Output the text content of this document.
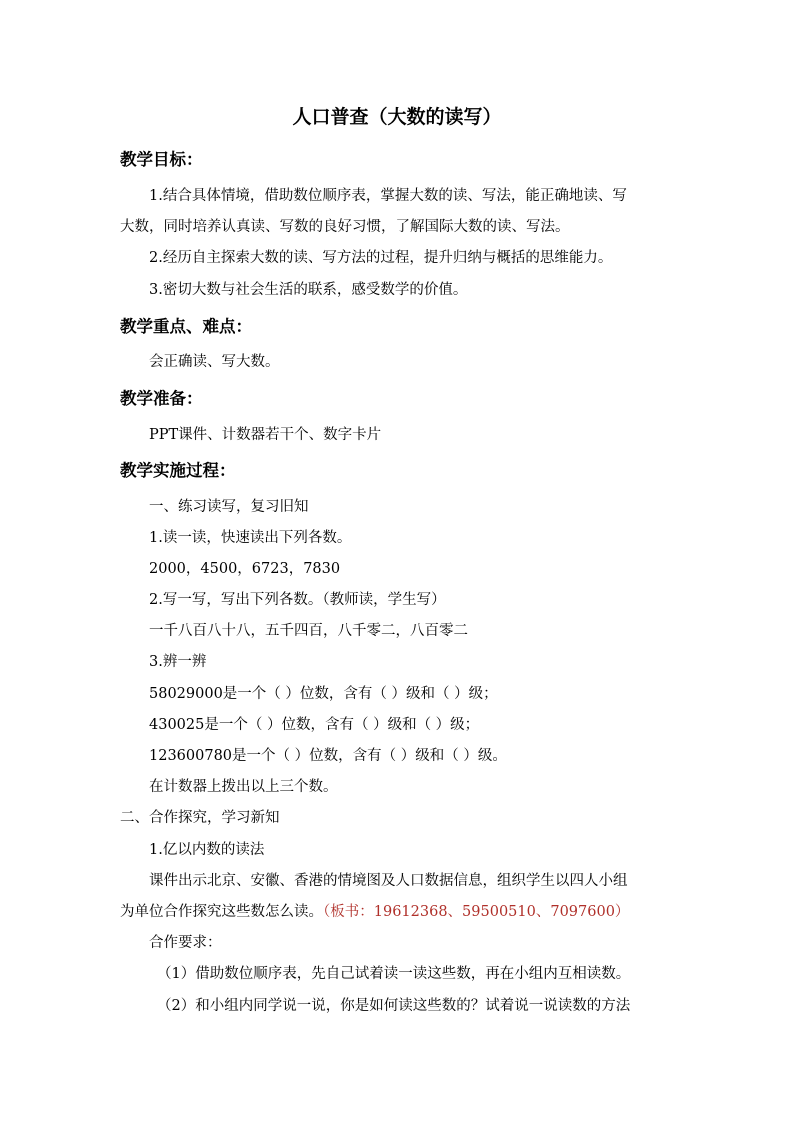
人口普查（大数的读写）
教学目标：
1.结合具体情境，借助数位顺序表，掌握大数的读、写法，能正确地读、写
大数，同时培养认真读、写数的良好习惯，了解国际大数的读、写法。
2.经历自主探索大数的读、写方法的过程，提升归纳与概括的思维能力。
3.密切大数与社会生活的联系，感受数学的价值。
教学重点、难点：
会正确读、写大数。
教学准备：
PPT课件、计数器若干个、数字卡片
教学实施过程：
一、练习读写，复习旧知
1.读一读，快速读出下列各数。
2000，4500，6723，7830
2.写一写，写出下列各数。（教师读，学生写）
一千八百八十八，五千四百，八千零二，八百零二
3.辨一辨
58029000是一个（ ）位数，含有（ ）级和（ ）级；
430025是一个（ ）位数，含有（ ）级和（ ）级；
123600780是一个（ ）位数，含有（ ）级和（ ）级。
在计数器上拨出以上三个数。
二、合作探究，学习新知
1.亿以内数的读法
课件出示北京、安徽、香港的情境图及人口数据信息，组织学生以四人小组
为单位合作探究这些数怎么读。（板书：19612368、59500510、7097600）
合作要求：
（1）借助数位顺序表，先自己试着读一读这些数，再在小组内互相读数。
（2）和小组内同学说一说，你是如何读这些数的？试着说一说读数的方法
